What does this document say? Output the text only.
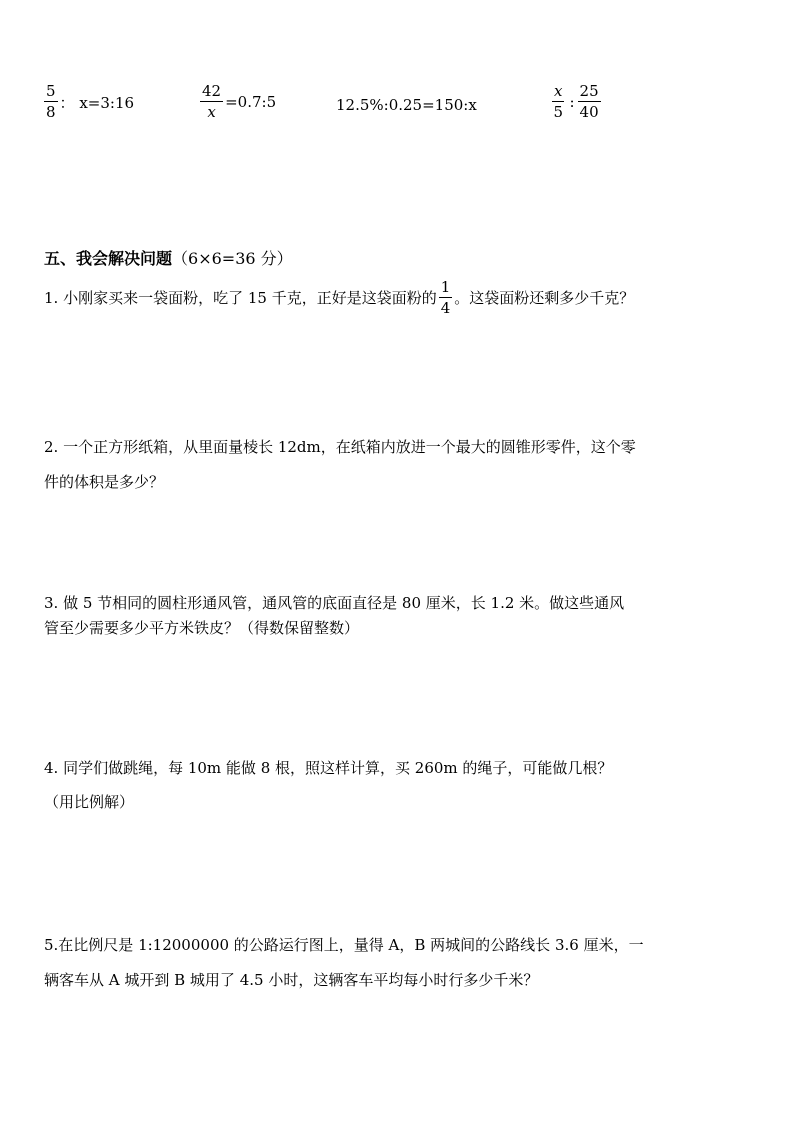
$\frac{5}{8}$ ： x=3:16	$\frac{42}{x}$ =0.7:5	12.5%:0.25=150:x	$\frac{x}{5}$ : $\frac{25}{40}$
五、我会解决问题（6×6=36 分）
1. 小刚家买来一袋面粉，吃了 15 千克，正好是这袋面粉的 $\frac{1}{4}$ 。这袋面粉还剩多少千克？
2. 一个正方形纸箱，从里面量棱长 12dm，在纸箱内放进一个最大的圆锥形零件，这个零
件的体积是多少？
3. 做 5 节相同的圆柱形通风管，通风管的底面直径是 80 厘米，长 1.2 米。做这些通风
管至少需要多少平方米铁皮？（得数保留整数）
4. 同学们做跳绳，每 10m 能做 8 根，照这样计算，买 260m 的绳子，可能做几根？
（用比例解）
5.在比例尺是 1:12000000 的公路运行图上，量得 A，B 两城间的公路线长 3.6 厘米，一
辆客车从 A 城开到 B 城用了 4.5 小时，这辆客车平均每小时行多少千米？
